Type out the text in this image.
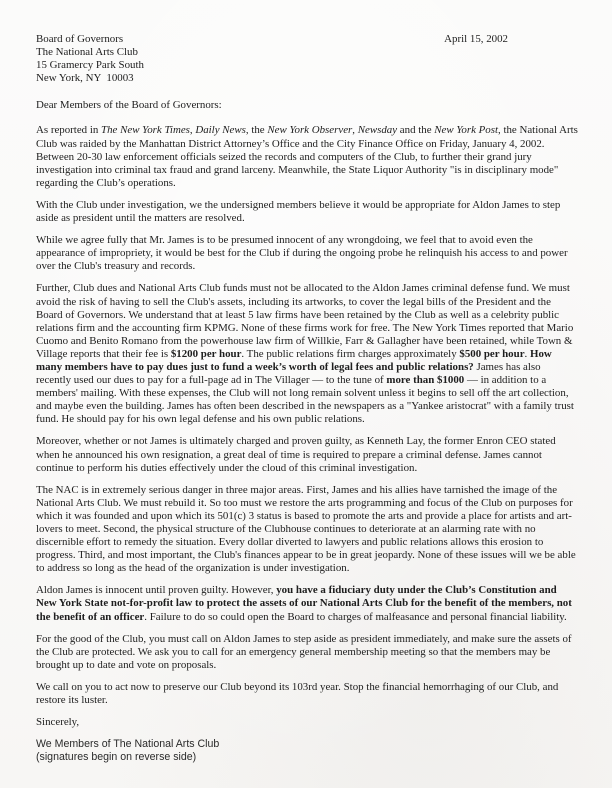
Board of Governors
The National Arts Club
15 Gramercy Park South
New York, NY  10003
April 15, 2002

Dear Members of the Board of Governors:

As reported in The New York Times, Daily News, the New York Observer, Newsday and the New York Post, the National Arts Club was raided by the Manhattan District Attorney’s Office and the City Finance Office on Friday, January 4, 2002. Between 20-30 law enforcement officials seized the records and computers of the Club, to further their grand jury investigation into criminal tax fraud and grand larceny. Meanwhile, the State Liquor Authority "is in disciplinary mode" regarding the Club’s operations.

With the Club under investigation, we the undersigned members believe it would be appropriate for Aldon James to step aside as president until the matters are resolved.

While we agree fully that Mr. James is to be presumed innocent of any wrongdoing, we feel that to avoid even the appearance of impropriety, it would be best for the Club if during the ongoing probe he relinquish his access to and power over the Club's treasury and records.

Further, Club dues and National Arts Club funds must not be allocated to the Aldon James criminal defense fund. We must avoid the risk of having to sell the Club's assets, including its artworks, to cover the legal bills of the President and the Board of Governors. We understand that at least 5 law firms have been retained by the Club as well as a celebrity public relations firm and the accounting firm KPMG. None of these firms work for free. The New York Times reported that Mario Cuomo and Benito Romano from the powerhouse law firm of Willkie, Farr & Gallagher have been retained, while Town & Village reports that their fee is $1200 per hour. The public relations firm charges approximately $500 per hour. How many members have to pay dues just to fund a week’s worth of legal fees and public relations? James has also recently used our dues to pay for a full-page ad in The Villager — to the tune of more than $1000 — in addition to a members' mailing. With these expenses, the Club will not long remain solvent unless it begins to sell off the art collection, and maybe even the building. James has often been described in the newspapers as a "Yankee aristocrat" with a family trust fund. He should pay for his own legal defense and his own public relations.

Moreover, whether or not James is ultimately charged and proven guilty, as Kenneth Lay, the former Enron CEO stated when he announced his own resignation, a great deal of time is required to prepare a criminal defense. James cannot continue to perform his duties effectively under the cloud of this criminal investigation.

The NAC is in extremely serious danger in three major areas. First, James and his allies have tarnished the image of the National Arts Club. We must rebuild it. So too must we restore the arts programming and focus of the Club on purposes for which it was founded and upon which its 501(c) 3 status is based to promote the arts and provide a place for artists and art-lovers to meet. Second, the physical structure of the Clubhouse continues to deteriorate at an alarming rate with no discernible effort to remedy the situation. Every dollar diverted to lawyers and public relations allows this erosion to progress. Third, and most important, the Club's finances appear to be in great jeopardy. None of these issues will we be able to address so long as the head of the organization is under investigation.

Aldon James is innocent until proven guilty. However, you have a fiduciary duty under the Club’s Constitution and New York State not-for-profit law to protect the assets of our National Arts Club for the benefit of the members, not the benefit of an officer. Failure to do so could open the Board to charges of malfeasance and personal financial liability.

For the good of the Club, you must call on Aldon James to step aside as president immediately, and make sure the assets of the Club are protected. We ask you to call for an emergency general membership meeting so that the members may be brought up to date and vote on proposals.

We call on you to act now to preserve our Club beyond its 103rd year. Stop the financial hemorrhaging of our Club, and restore its luster.

Sincerely,

We Members of The National Arts Club
(signatures begin on reverse side)
